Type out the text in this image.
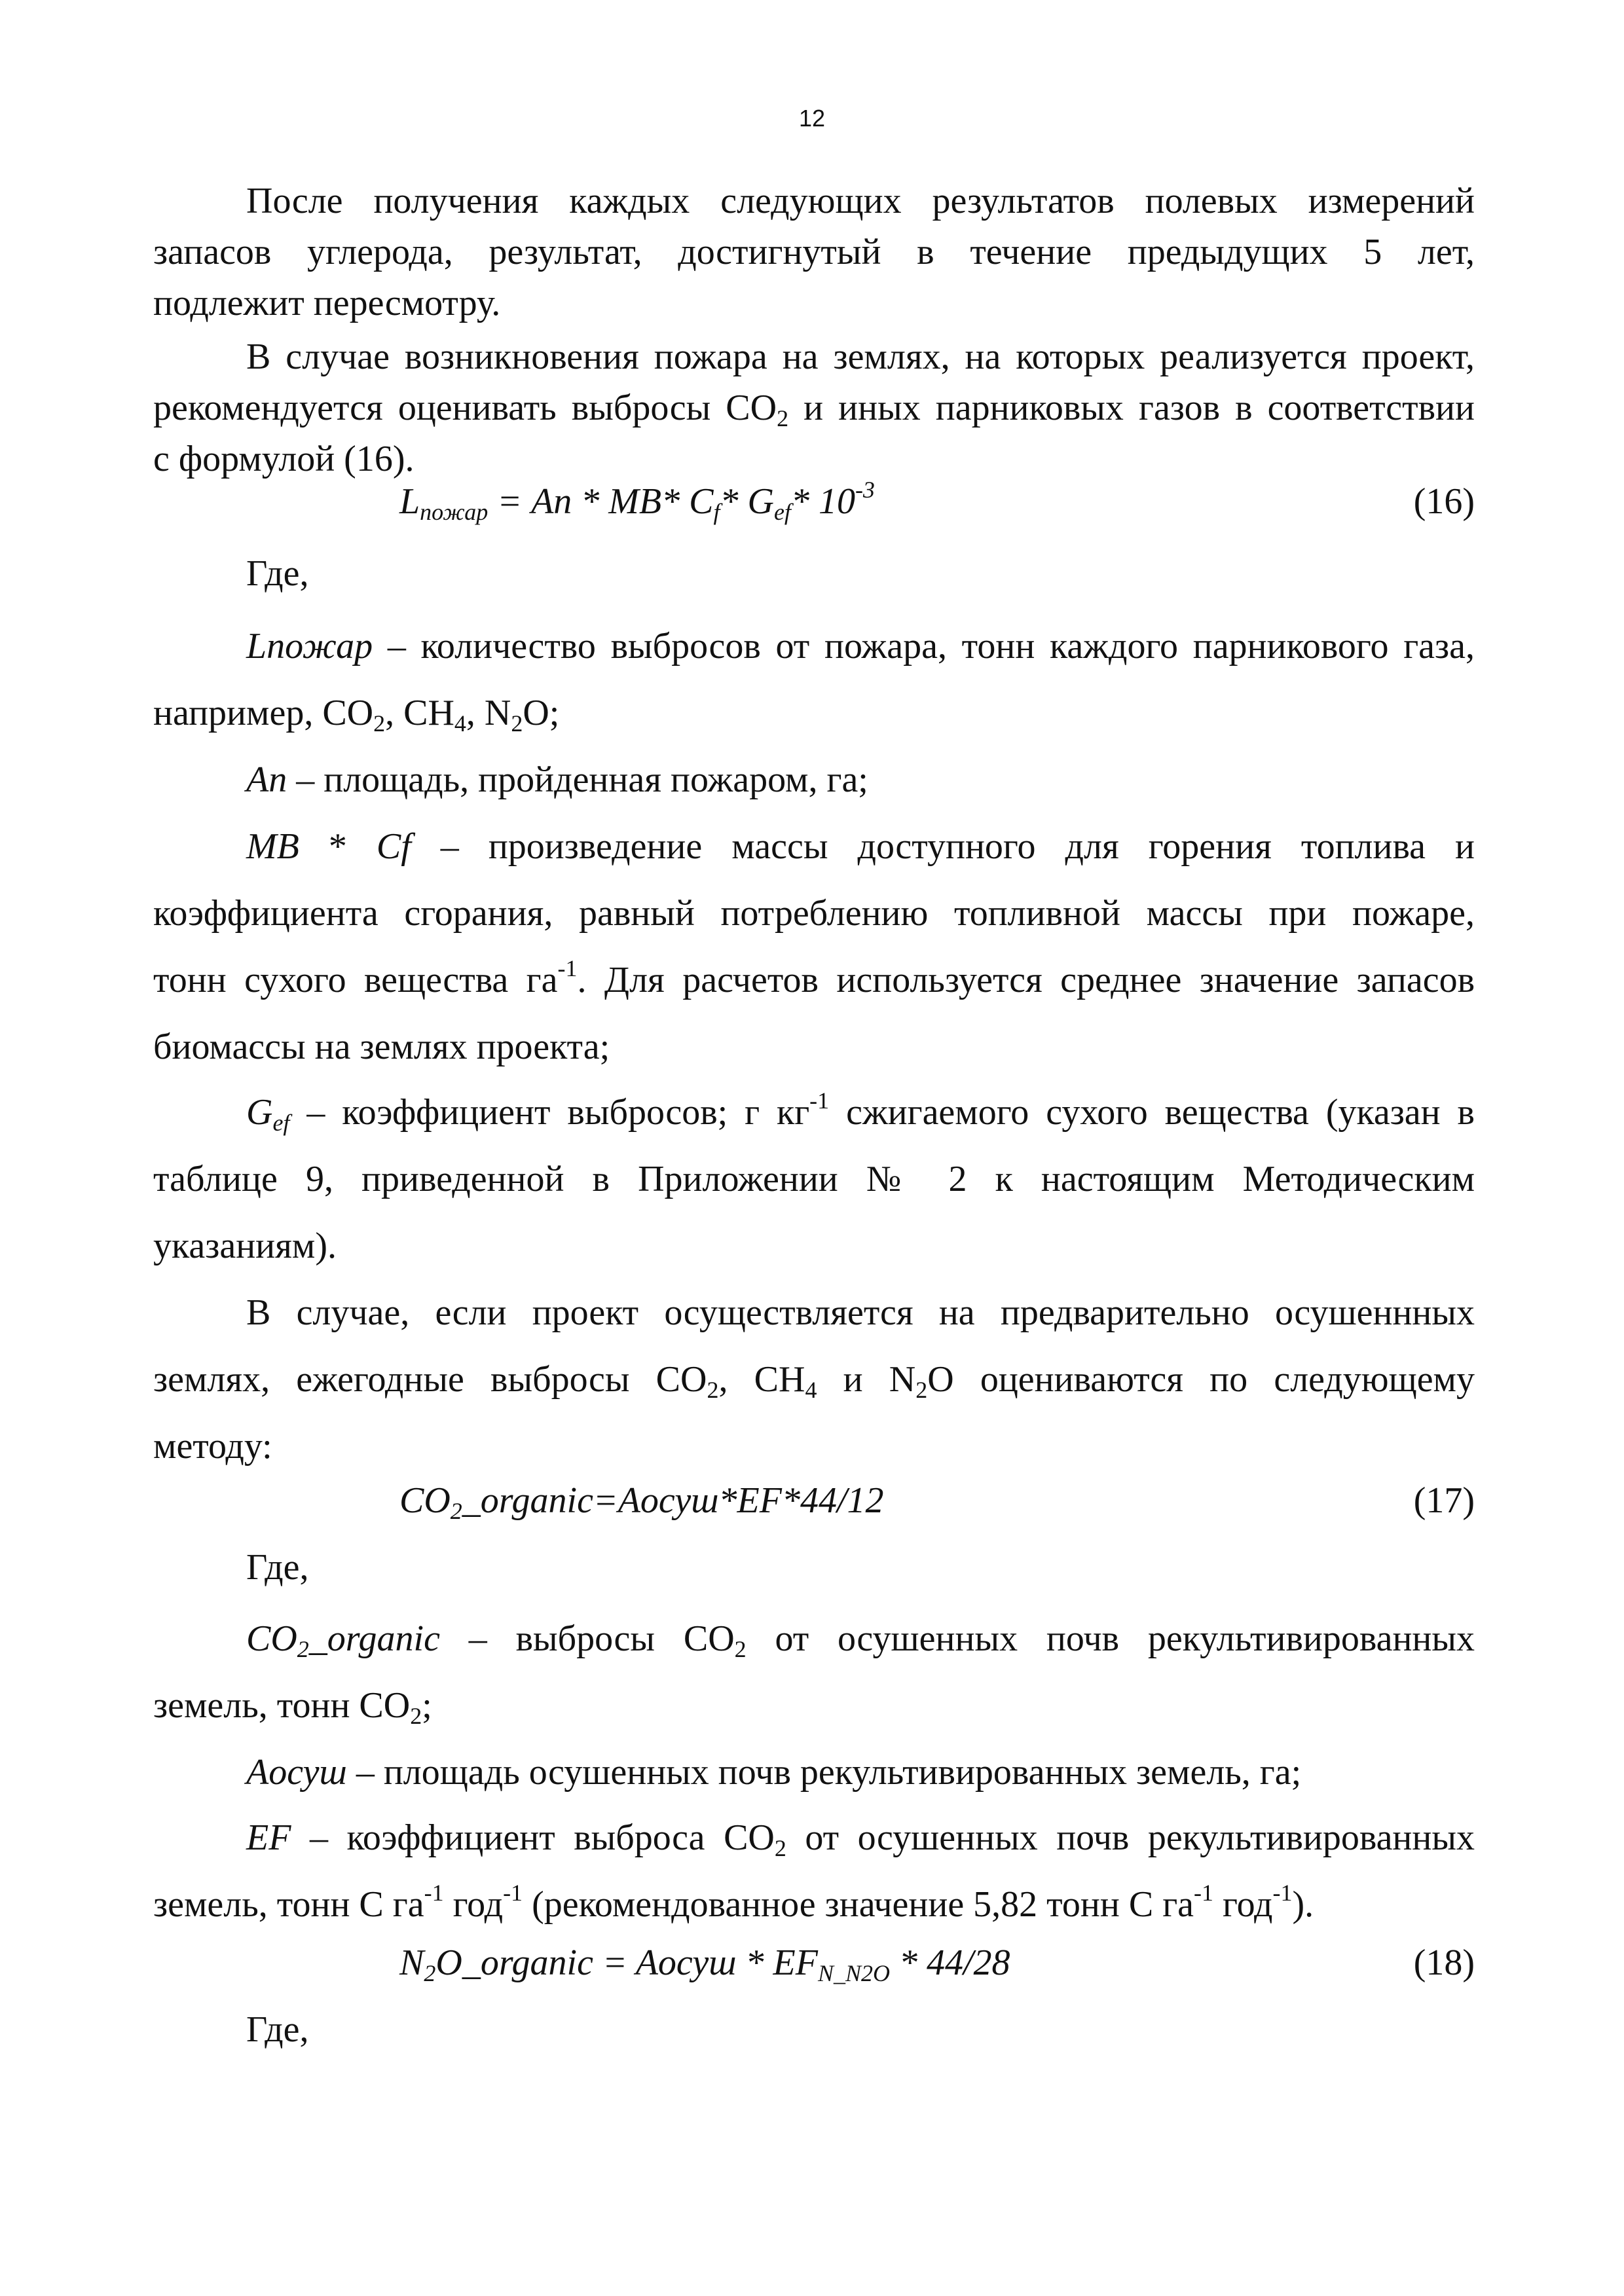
12
После получения каждых следующих результатов полевых измерений
запасов углерода, результат, достигнутый в течение предыдущих 5 лет,
подлежит пересмотру.
В случае возникновения пожара на землях, на которых реализуется проект,
рекомендуется оценивать выбросы $CO_2$ и иных парниковых газов в соответствии
с формулой (16).
$L_{пожар} = An * MB*$ $C_f*$ $G_{ef}*$ $10^{-3}$	(16)
Где,
Lпожар – количество выбросов от пожара, тонн каждого парникового газа,
например, $CO_2$, $CH_4$, $N_2O$;
An – площадь, пройденная пожаром, га;
MB * Cf – произведение массы доступного для горения топлива и
коэффициента сгорания, равный потреблению топливной массы при пожаре,
тонн сухого вещества $га^{-1}$. Для расчетов используется среднее значение запасов
биомассы на землях проекта;
$G_{ef}$ – коэффициент выбросов; г $кг^{-1}$ сжигаемого сухого вещества (указан в
таблице 9, приведенной в Приложении № 2 к настоящим Методическим
указаниям).
В случае, если проект осуществляется на предварительно осушеннных
землях, ежегодные выбросы $CO_2$, $CH_4$ и $N_2O$ оцениваются по следующему
методу:
$CO_2\_organic=Aосуш*EF*44/12$	(17)
Где,
$CO_2\_organic$ – выбросы $CO_2$ от осушенных почв рекультивированных
земель, тонн $CO_2$;
Aосуш – площадь осушенных почв рекультивированных земель, га;
EF – коэффициент выброса $CO_2$ от осушенных почв рекультивированных
земель, тонн С $га^{-1}$ год$^{-1}$ (рекомендованное значение 5,82 тонн С $га^{-1}$ год$^{-1}$).
$N_2O\_organic$ = Aосуш * $EF_{N\_N2O} * 44/28$	(18)
Где,
